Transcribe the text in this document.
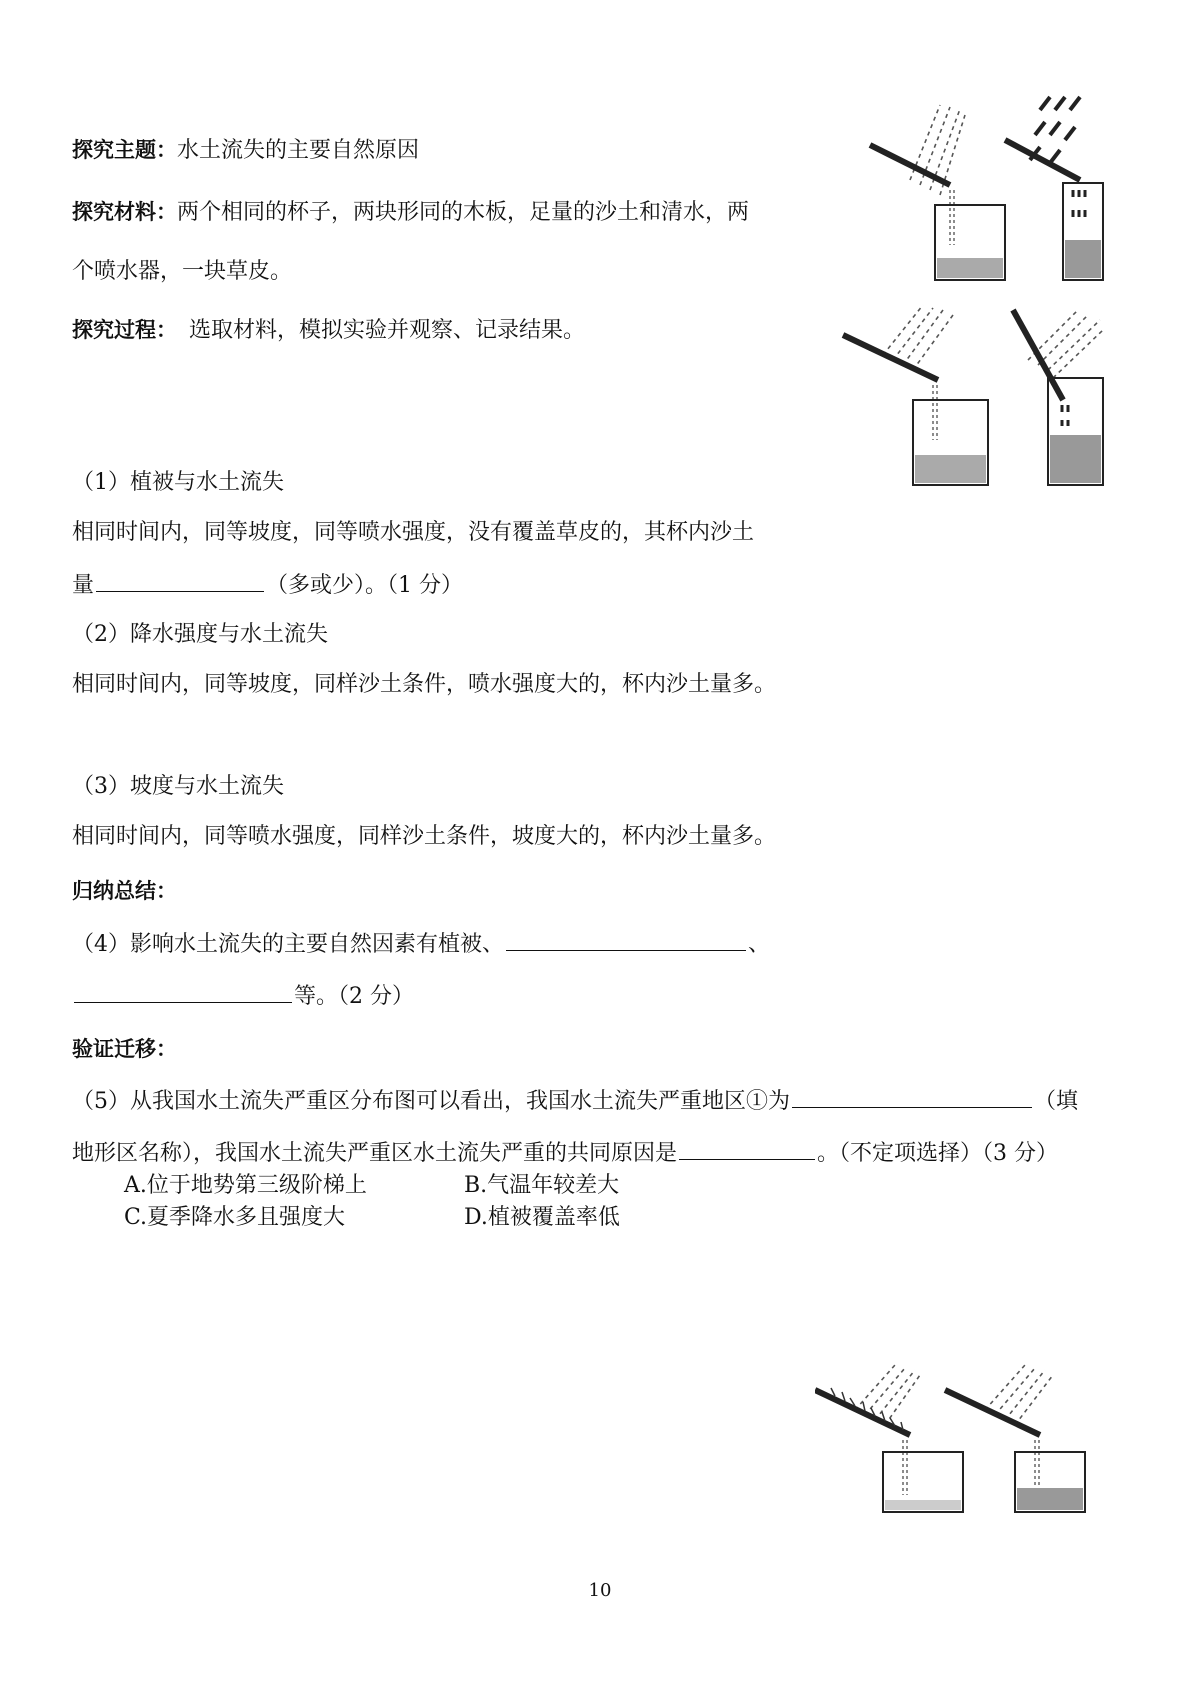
探究主题：水土流失的主要自然原因
探究材料：两个相同的杯子，两块形同的木板，足量的沙土和清水，两
个喷水器，一块草皮。
探究过程： 选取材料，模拟实验并观察、记录结果。
（1）植被与水土流失
相同时间内，同等坡度，同等喷水强度，没有覆盖草皮的，其杯内沙土
量	（多或少）。（1 分）
（2）降水强度与水土流失
相同时间内，同等坡度，同样沙土条件，喷水强度大的，杯内沙土量多。
（3）坡度与水土流失
相同时间内，同等喷水强度，同样沙土条件，坡度大的，杯内沙土量多。
归纳总结：
（4）影响水土流失的主要自然因素有植被、	、
等。（2 分）
验证迁移：
（5）从我国水土流失严重区分布图可以看出，我国水土流失严重地区①为	（填
地形区名称），我国水土流失严重区水土流失严重的共同原因是	。（不定项选择）（3 分）
A.位于地势第三级阶梯上	B.气温年较差大
C.夏季降水多且强度大	D.植被覆盖率低
10
